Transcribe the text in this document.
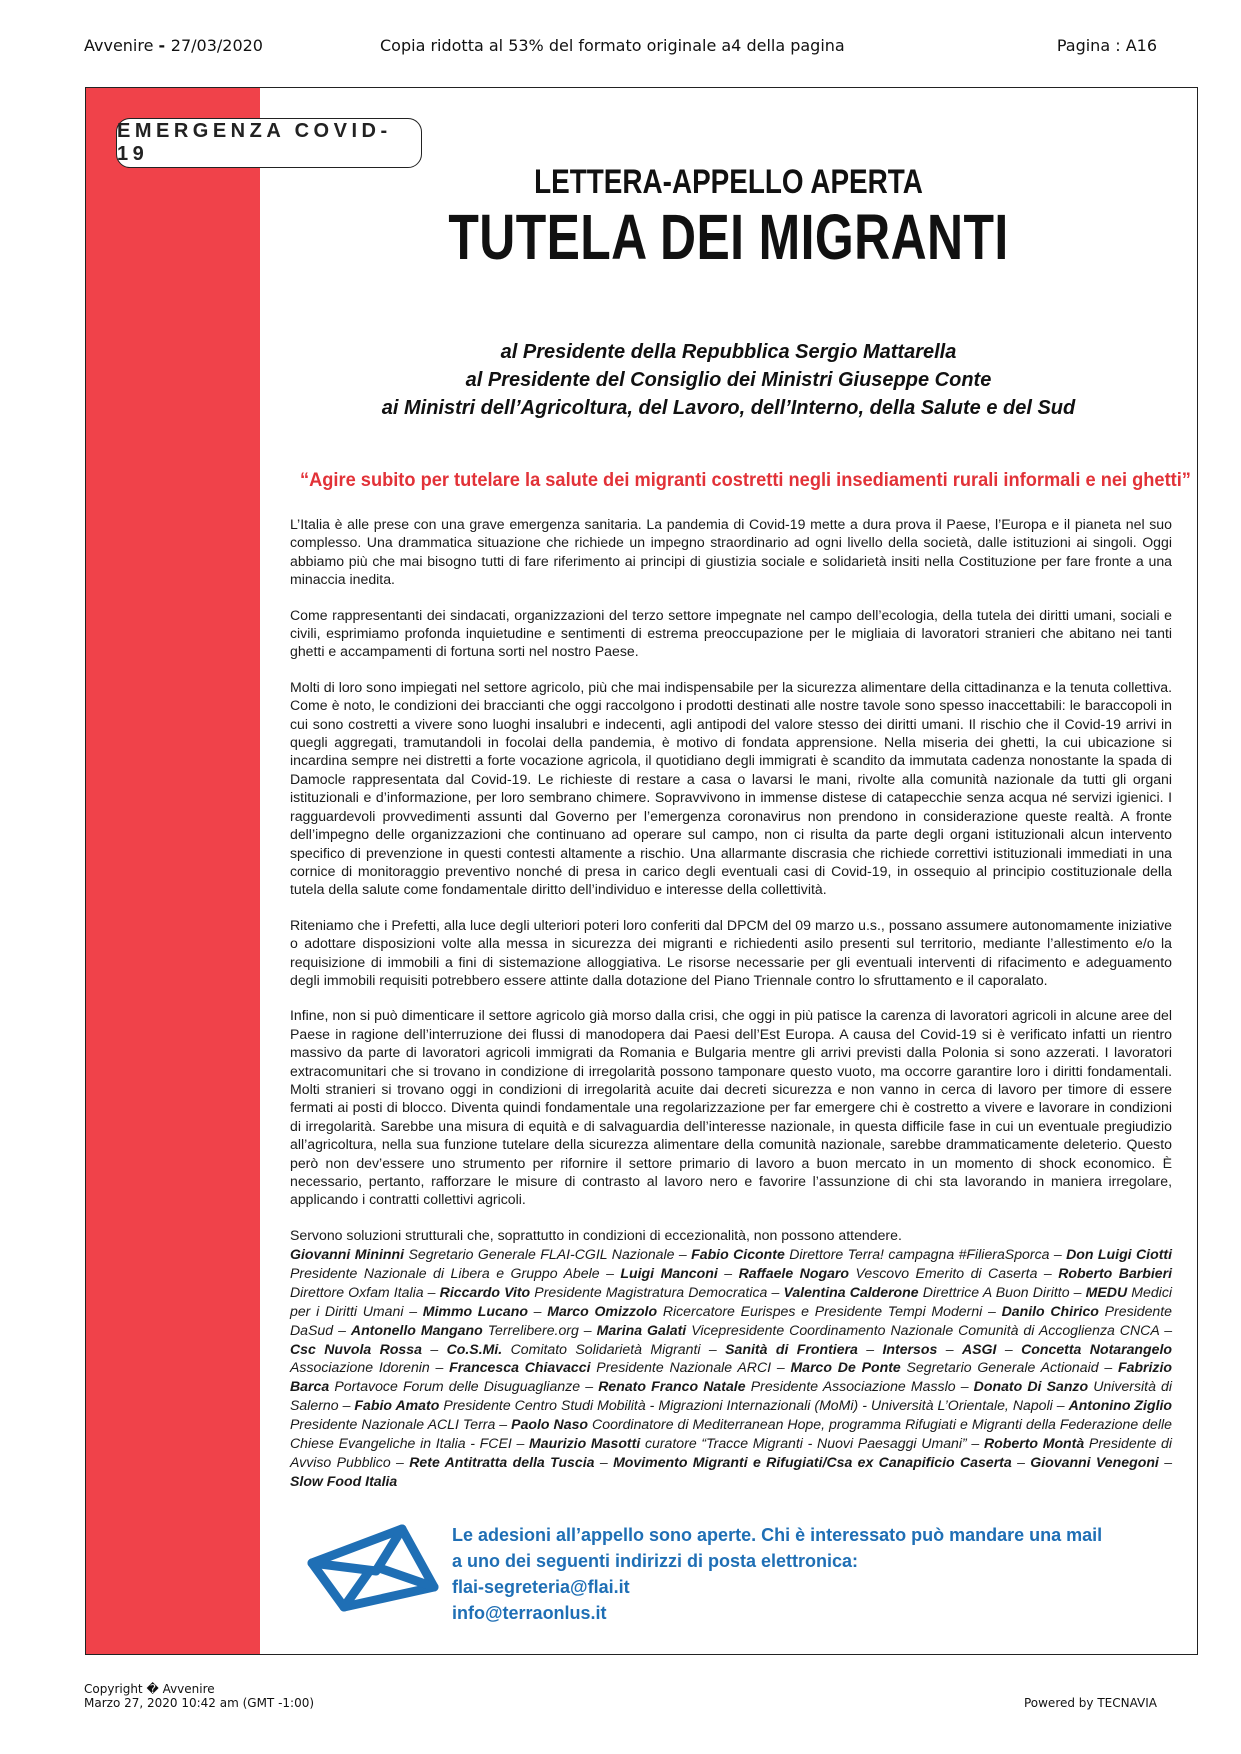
Avvenire - 27/03/2020	Copia ridotta al 53% del formato originale a4 della pagina	Pagina : A16
EMERGENZA COVID-19
LETTERA-APPELLO APERTA
TUTELA DEI MIGRANTI
al Presidente della Repubblica Sergio Mattarella
al Presidente del Consiglio dei Ministri Giuseppe Conte
ai Ministri dell’Agricoltura, del Lavoro, dell’Interno, della Salute e del Sud
“Agire subito per tutelare la salute dei migranti costretti negli insediamenti rurali informali e nei ghetti”

L’Italia è alle prese con una grave emergenza sanitaria. La pandemia di Covid-19 mette a dura prova il Paese, l’Europa e il pianeta nel suo complesso. Una drammatica situazione che richiede un impegno straordinario ad ogni livello della società, dalle istituzioni ai singoli. Oggi abbiamo più che mai bisogno tutti di fare riferimento ai principi di giustizia sociale e solidarietà insiti nella Costituzione per fare fronte a una minaccia inedita.

Come rappresentanti dei sindacati, organizzazioni del terzo settore impegnate nel campo dell’ecologia, della tutela dei diritti umani, sociali e civili, esprimiamo profonda inquietudine e sentimenti di estrema preoccupazione per le migliaia di lavoratori stranieri che abitano nei tanti ghetti e accampamenti di fortuna sorti nel nostro Paese.

Molti di loro sono impiegati nel settore agricolo, più che mai indispensabile per la sicurezza alimentare della cittadinanza e la tenuta collettiva. Come è noto, le condizioni dei braccianti che oggi raccolgono i prodotti destinati alle nostre tavole sono spesso inaccettabili: le baraccopoli in cui sono costretti a vivere sono luoghi insalubri e indecenti, agli antipodi del valore stesso dei diritti umani. Il rischio che il Covid-19 arrivi in quegli aggregati, tramutandoli in focolai della pandemia, è motivo di fondata apprensione. Nella miseria dei ghetti, la cui ubicazione si incardina sempre nei distretti a forte vocazione agricola, il quotidiano degli immigrati è scandito da immutata cadenza nonostante la spada di Damocle rappresentata dal Covid-19. Le richieste di restare a casa o lavarsi le mani, rivolte alla comunità nazionale da tutti gli organi istituzionali e d’informazione, per loro sembrano chimere. Sopravvivono in immense distese di catapecchie senza acqua né servizi igienici. I ragguardevoli provvedimenti assunti dal Governo per l’emergenza coronavirus non prendono in considerazione queste realtà. A fronte dell’impegno delle organizzazioni che continuano ad operare sul campo, non ci risulta da parte degli organi istituzionali alcun intervento specifico di prevenzione in questi contesti altamente a rischio. Una allarmante discrasia che richiede correttivi istituzionali immediati in una cornice di monitoraggio preventivo nonché di presa in carico degli eventuali casi di Covid-19, in ossequio al principio costituzionale della tutela della salute come fondamentale diritto dell’individuo e interesse della collettività.

Riteniamo che i Prefetti, alla luce degli ulteriori poteri loro conferiti dal DPCM del 09 marzo u.s., possano assumere autonomamente iniziative o adottare disposizioni volte alla messa in sicurezza dei migranti e richiedenti asilo presenti sul territorio, mediante l’allestimento e/o la requisizione di immobili a fini di sistemazione alloggiativa. Le risorse necessarie per gli eventuali interventi di rifacimento e adeguamento degli immobili requisiti potrebbero essere attinte dalla dotazione del Piano Triennale contro lo sfruttamento e il caporalato.

Infine, non si può dimenticare il settore agricolo già morso dalla crisi, che oggi in più patisce la carenza di lavoratori agricoli in alcune aree del Paese in ragione dell’interruzione dei flussi di manodopera dai Paesi dell’Est Europa. A causa del Covid-19 si è verificato infatti un rientro massivo da parte di lavoratori agricoli immigrati da Romania e Bulgaria mentre gli arrivi previsti dalla Polonia si sono azzerati. I lavoratori extracomunitari che si trovano in condizione di irregolarità possono tamponare questo vuoto, ma occorre garantire loro i diritti fondamentali. Molti stranieri si trovano oggi in condizioni di irregolarità acuite dai decreti sicurezza e non vanno in cerca di lavoro per timore di essere fermati ai posti di blocco. Diventa quindi fondamentale una regolarizzazione per far emergere chi è costretto a vivere e lavorare in condizioni di irregolarità. Sarebbe una misura di equità e di salvaguardia dell’interesse nazionale, in questa difficile fase in cui un eventuale pregiudizio all’agricoltura, nella sua funzione tutelare della sicurezza alimentare della comunità nazionale, sarebbe drammaticamente deleterio. Questo però non dev’essere uno strumento per rifornire il settore primario di lavoro a buon mercato in un momento di shock economico. È necessario, pertanto, rafforzare le misure di contrasto al lavoro nero e favorire l’assunzione di chi sta lavorando in maniera irregolare, applicando i contratti collettivi agricoli.

Servono soluzioni strutturali che, soprattutto in condizioni di eccezionalità, non possono attendere.

Giovanni Mininni Segretario Generale FLAI-CGIL Nazionale – Fabio Ciconte Direttore Terra! campagna #FilieraSporca – Don Luigi Ciotti Presidente Nazionale di Libera e Gruppo Abele – Luigi Manconi – Raffaele Nogaro Vescovo Emerito di Caserta – Roberto Barbieri Direttore Oxfam Italia – Riccardo Vito Presidente Magistratura Democratica – Valentina Calderone Direttrice A Buon Diritto – MEDU Medici per i Diritti Umani – Mimmo Lucano – Marco Omizzolo Ricercatore Eurispes e Presidente Tempi Moderni – Danilo Chirico Presidente DaSud – Antonello Mangano Terrelibere.org – Marina Galati Vicepresidente Coordinamento Nazionale Comunità di Accoglienza CNCA – Csc Nuvola Rossa – Co.S.Mi. Comitato Solidarietà Migranti – Sanità di Frontiera – Intersos – ASGI – Concetta Notarangelo Associazione Idorenin – Francesca Chiavacci Presidente Nazionale ARCI – Marco De Ponte Segretario Generale Actionaid – Fabrizio Barca Portavoce Forum delle Disuguaglianze – Renato Franco Natale Presidente Associazione Masslo – Donato Di Sanzo Università di Salerno – Fabio Amato Presidente Centro Studi Mobilità - Migrazioni Internazionali (MoMi) - Università L’Orientale, Napoli – Antonino Ziglio Presidente Nazionale ACLI Terra – Paolo Naso Coordinatore di Mediterranean Hope, programma Rifugiati e Migranti della Federazione delle Chiese Evangeliche in Italia - FCEI – Maurizio Masotti curatore “Tracce Migranti - Nuovi Paesaggi Umani” – Roberto Montà Presidente di Avviso Pubblico – Rete Antitratta della Tuscia – Movimento Migranti e Rifugiati/Csa ex Canapificio Caserta – Giovanni Venegoni – Slow Food Italia
Le adesioni all’appello sono aperte. Chi è interessato può mandare una mail
a uno dei seguenti indirizzi di posta elettronica:
flai-segreteria@flai.it
info@terraonlus.it
Copyright � Avvenire
Marzo 27, 2020 10:42 am (GMT -1:00)	Powered by TECNAVIA
